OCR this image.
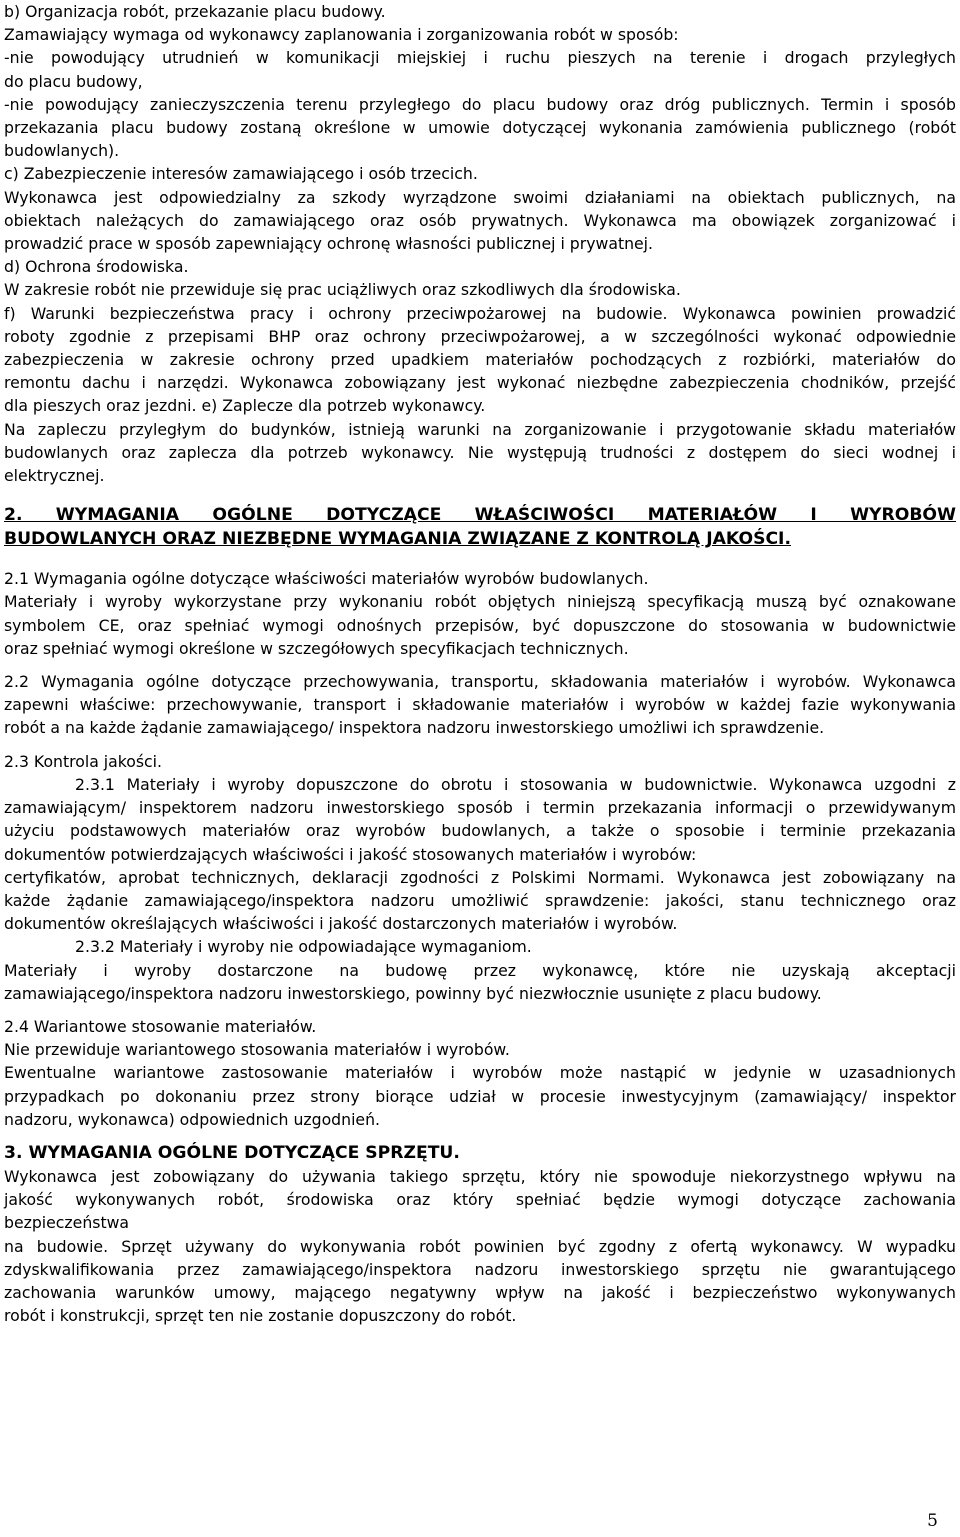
b) Organizacja robót, przekazanie placu budowy.
Zamawiający wymaga od wykonawcy zaplanowania i zorganizowania robót w sposób:
-nie powodujący utrudnień w komunikacji miejskiej i ruchu pieszych na terenie i drogach przyległych
do placu budowy,
-nie powodujący zanieczyszczenia terenu przyległego do placu budowy oraz dróg publicznych. Termin i sposób
przekazania placu budowy zostaną określone w umowie dotyczącej wykonania zamówienia publicznego (robót
budowlanych).
c) Zabezpieczenie interesów zamawiającego i osób trzecich.
Wykonawca jest odpowiedzialny za szkody wyrządzone swoimi działaniami na obiektach publicznych, na
obiektach należących do zamawiającego oraz osób prywatnych. Wykonawca ma obowiązek zorganizować i
prowadzić prace w sposób zapewniający ochronę własności publicznej i prywatnej.
d) Ochrona środowiska.
W zakresie robót nie przewiduje się prac uciążliwych oraz szkodliwych dla środowiska.
f) Warunki bezpieczeństwa pracy i ochrony przeciwpożarowej na budowie. Wykonawca powinien prowadzić
roboty zgodnie z przepisami BHP oraz ochrony przeciwpożarowej, a w szczególności wykonać odpowiednie
zabezpieczenia w zakresie ochrony przed upadkiem materiałów pochodzących z rozbiórki, materiałów do
remontu dachu i narzędzi. Wykonawca zobowiązany jest wykonać niezbędne zabezpieczenia chodników, przejść
dla pieszych oraz jezdni. e) Zaplecze dla potrzeb wykonawcy.
Na zapleczu przyległym do budynków, istnieją warunki na zorganizowanie i przygotowanie składu materiałów
budowlanych oraz zaplecza dla potrzeb wykonawcy. Nie występują trudności z dostępem do sieci wodnej i
elektrycznej.
2. WYMAGANIA OGÓLNE DOTYCZĄCE WŁAŚCIWOŚCI MATERIAŁÓW I WYROBÓW
BUDOWLANYCH ORAZ NIEZBĘDNE WYMAGANIA ZWIĄZANE Z KONTROLĄ JAKOŚCI.
2.1 Wymagania ogólne dotyczące właściwości materiałów wyrobów budowlanych.
Materiały i wyroby wykorzystane przy wykonaniu robót objętych niniejszą specyfikacją muszą być oznakowane
symbolem CE, oraz spełniać wymogi odnośnych przepisów, być dopuszczone do stosowania w budownictwie
oraz spełniać wymogi określone w szczegółowych specyfikacjach technicznych.
2.2 Wymagania ogólne dotyczące przechowywania, transportu, składowania materiałów i wyrobów. Wykonawca
zapewni właściwe: przechowywanie, transport i składowanie materiałów i wyrobów w każdej fazie wykonywania
robót a na każde żądanie zamawiającego/ inspektora nadzoru inwestorskiego umożliwi ich sprawdzenie.
2.3 Kontrola jakości.
2.3.1 Materiały i wyroby dopuszczone do obrotu i stosowania w budownictwie. Wykonawca uzgodni z
zamawiającym/ inspektorem nadzoru inwestorskiego sposób i termin przekazania informacji o przewidywanym
użyciu podstawowych materiałów oraz wyrobów budowlanych, a także o sposobie i terminie przekazania
dokumentów potwierdzających właściwości i jakość stosowanych materiałów i wyrobów:
certyfikatów, aprobat technicznych, deklaracji zgodności z Polskimi Normami. Wykonawca jest zobowiązany na
każde żądanie zamawiającego/inspektora nadzoru umożliwić sprawdzenie: jakości, stanu technicznego oraz
dokumentów określających właściwości i jakość dostarczonych materiałów i wyrobów.
2.3.2 Materiały i wyroby nie odpowiadające wymaganiom.
Materiały i wyroby dostarczone na budowę przez wykonawcę, które nie uzyskają akceptacji
zamawiającego/inspektora nadzoru inwestorskiego, powinny być niezwłocznie usunięte z placu budowy.
2.4 Wariantowe stosowanie materiałów.
Nie przewiduje wariantowego stosowania materiałów i wyrobów.
Ewentualne wariantowe zastosowanie materiałów i wyrobów może nastąpić w jedynie w uzasadnionych
przypadkach po dokonaniu przez strony biorące udział w procesie inwestycyjnym (zamawiający/ inspektor
nadzoru, wykonawca) odpowiednich uzgodnień.
3. WYMAGANIA OGÓLNE DOTYCZĄCE SPRZĘTU.
Wykonawca jest zobowiązany do używania takiego sprzętu, który nie spowoduje niekorzystnego wpływu na
jakość wykonywanych robót, środowiska oraz który spełniać będzie wymogi dotyczące zachowania
bezpieczeństwa
na budowie. Sprzęt używany do wykonywania robót powinien być zgodny z ofertą wykonawcy. W wypadku
zdyskwalifikowania przez zamawiającego/inspektora nadzoru inwestorskiego sprzętu nie gwarantującego
zachowania warunków umowy, mającego negatywny wpływ na jakość i bezpieczeństwo wykonywanych
robót i konstrukcji, sprzęt ten nie zostanie dopuszczony do robót.
5
